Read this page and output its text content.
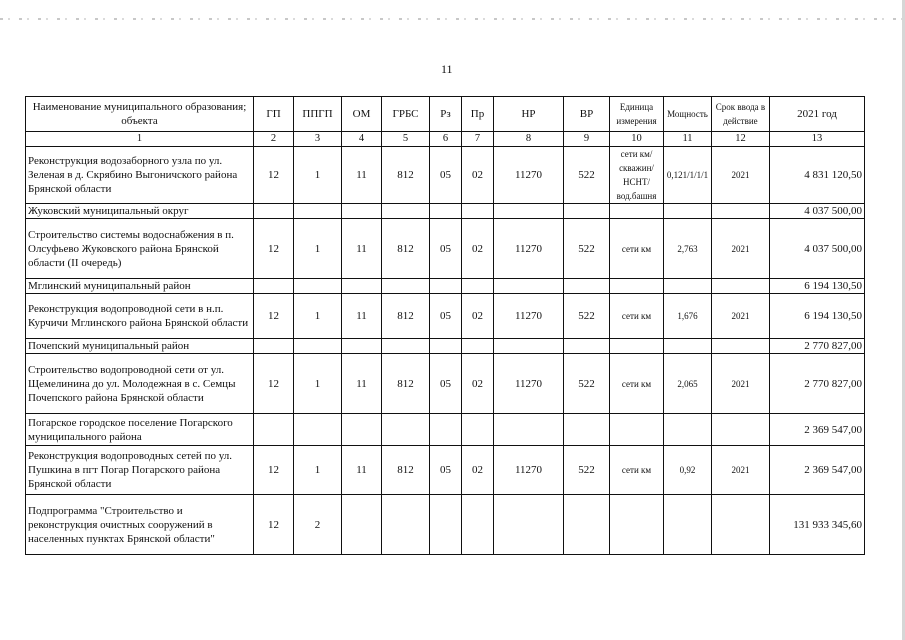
11
Наименование муниципального образования; объекта	ГП	ППГП	ОМ	ГРБС	Рз	Пр	НР	ВР	Единица измерения	Мощность	Срок ввода в действие	2021 год
1	2	3	4	5	6	7	8	9	10	11	12	13
Реконструкция водозаборного узла по ул. Зеленая в д. Скрябино Выгоничского района Брянской области	12	1	11	812	05	02	11270	522	сети км/скважин/НСНТ/вод.башня	0,121/1/1/1	2021	4 831 120,50
Жуковский муниципальный округ												4 037 500,00
Строительство системы водоснабжения в п. Олсуфьево Жуковского района Брянской области (II очередь)	12	1	11	812	05	02	11270	522	сети км	2,763	2021	4 037 500,00
Мглинский муниципальный район												6 194 130,50
Реконструкция водопроводной сети в н.п. Курчичи Мглинского района Брянской области	12	1	11	812	05	02	11270	522	сети км	1,676	2021	6 194 130,50
Почепский муниципальный район												2 770 827,00
Строительство водопроводной сети от ул. Щемелинина до ул. Молодежная в с. Семцы Почепского района Брянской области	12	1	11	812	05	02	11270	522	сети км	2,065	2021	2 770 827,00
Погарское городское поселение Погарского муниципального района												2 369 547,00
Реконструкция водопроводных сетей по ул. Пушкина в пгт Погар Погарского района Брянской области	12	1	11	812	05	02	11270	522	сети км	0,92	2021	2 369 547,00
Подпрограмма "Строительство и реконструкция очистных сооружений в населенных пунктах Брянской области"	12	2										131 933 345,60
